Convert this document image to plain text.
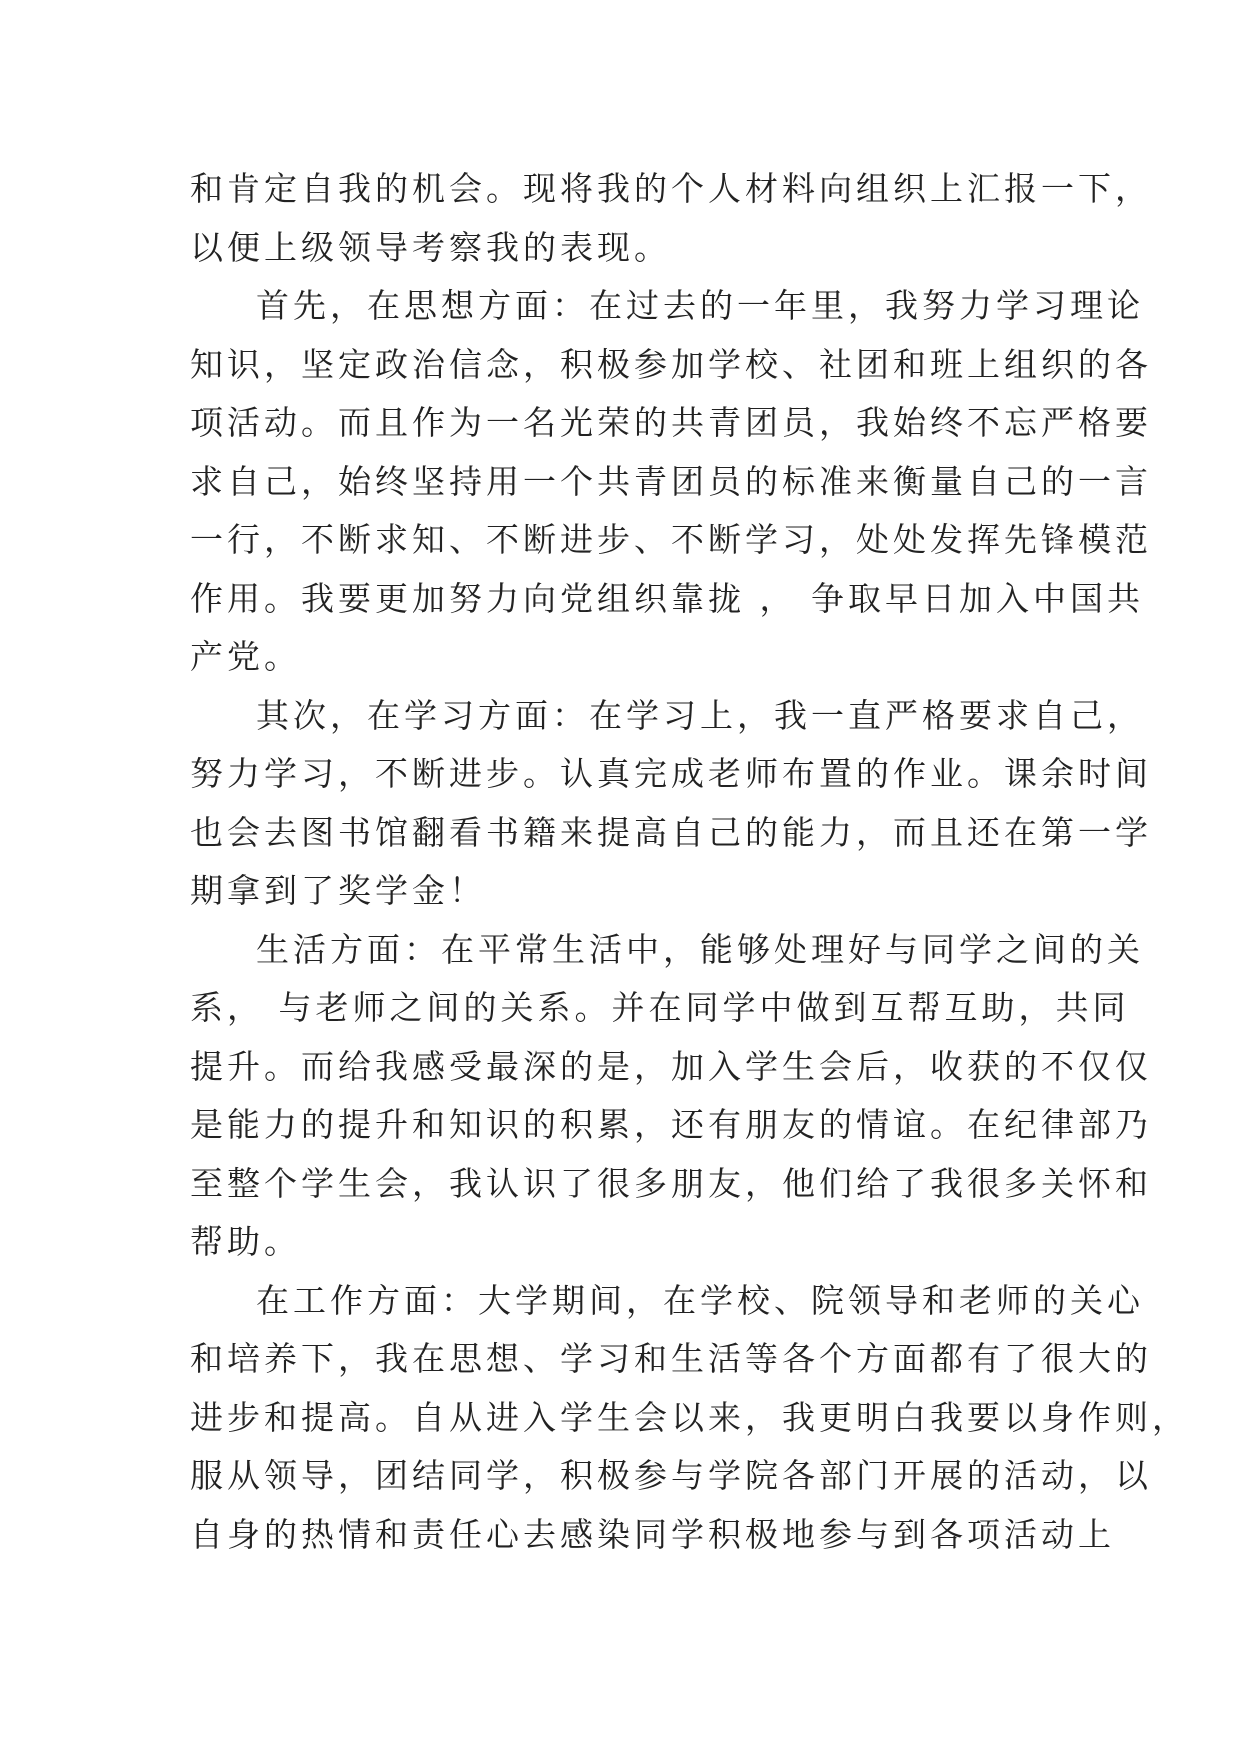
和肯定自我的机会。现将我的个人材料向组织上汇报一下，
以便上级领导考察我的表现。
首先，在思想方面：在过去的一年里，我努力学习理论
知识，坚定政治信念，积极参加学校、社团和班上组织的各
项活动。而且作为一名光荣的共青团员，我始终不忘严格要
求自己，始终坚持用一个共青团员的标准来衡量自己的一言
一行，不断求知、不断进步、不断学习，处处发挥先锋模范
作用。我要更加努力向党组织靠拢 ， 争取早日加入中国共
产党。
其次，在学习方面：在学习上，我一直严格要求自己，
努力学习，不断进步。认真完成老师布置的作业。课余时间
也会去图书馆翻看书籍来提高自己的能力，而且还在第一学
期拿到了奖学金！
生活方面：在平常生活中，能够处理好与同学之间的关
系， 与老师之间的关系。并在同学中做到互帮互助，共同
提升。而给我感受最深的是，加入学生会后，收获的不仅仅
是能力的提升和知识的积累，还有朋友的情谊。在纪律部乃
至整个学生会，我认识了很多朋友，他们给了我很多关怀和
帮助。
在工作方面：大学期间，在学校、院领导和老师的关心
和培养下，我在思想、学习和生活等各个方面都有了很大的
进步和提高。自从进入学生会以来，我更明白我要以身作则，
服从领导，团结同学，积极参与学院各部门开展的活动，以
自身的热情和责任心去感染同学积极地参与到各项活动上
